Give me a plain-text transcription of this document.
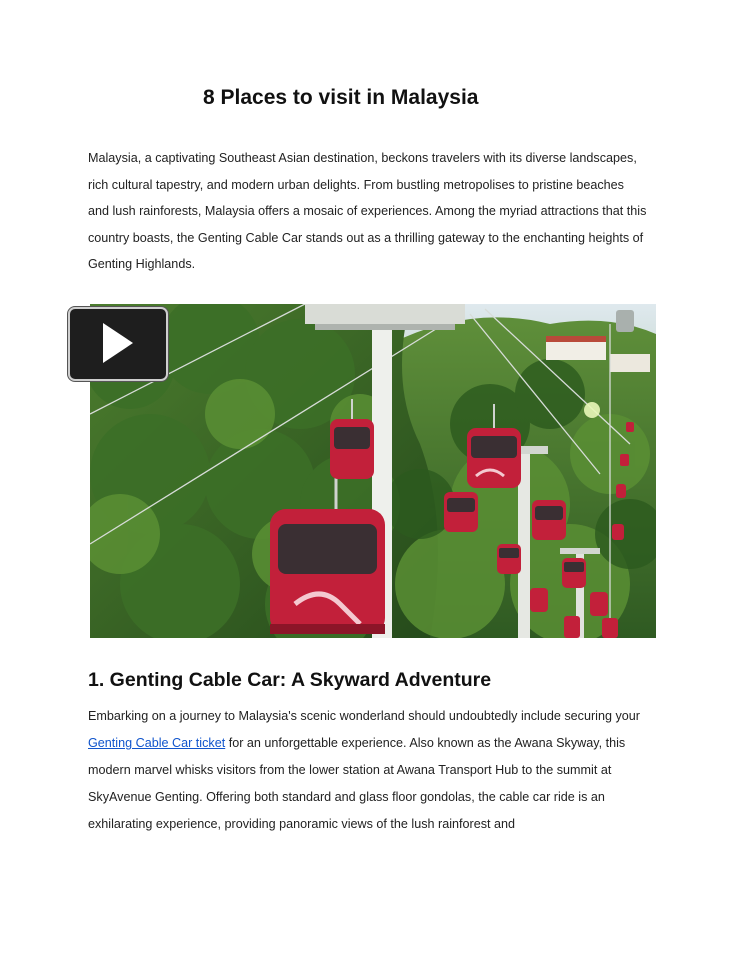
8 Places to visit in Malaysia

Malaysia, a captivating Southeast Asian destination, beckons travelers with its diverse landscapes, rich cultural tapestry, and modern urban delights. From bustling metropolises to pristine beaches and lush rainforests, Malaysia offers a mosaic of experiences. Among the myriad attractions that this country boasts, the Genting Cable Car stands out as a thrilling gateway to the enchanting heights of Genting Highlands.

1. Genting Cable Car: A Skyward Adventure

Embarking on a journey to Malaysia's scenic wonderland should undoubtedly include securing your Genting Cable Car ticket for an unforgettable experience. Also known as the Awana Skyway, this modern marvel whisks visitors from the lower station at Awana Transport Hub to the summit at SkyAvenue Genting. Offering both standard and glass floor gondolas, the cable car ride is an exhilarating experience, providing panoramic views of the lush rainforest and
